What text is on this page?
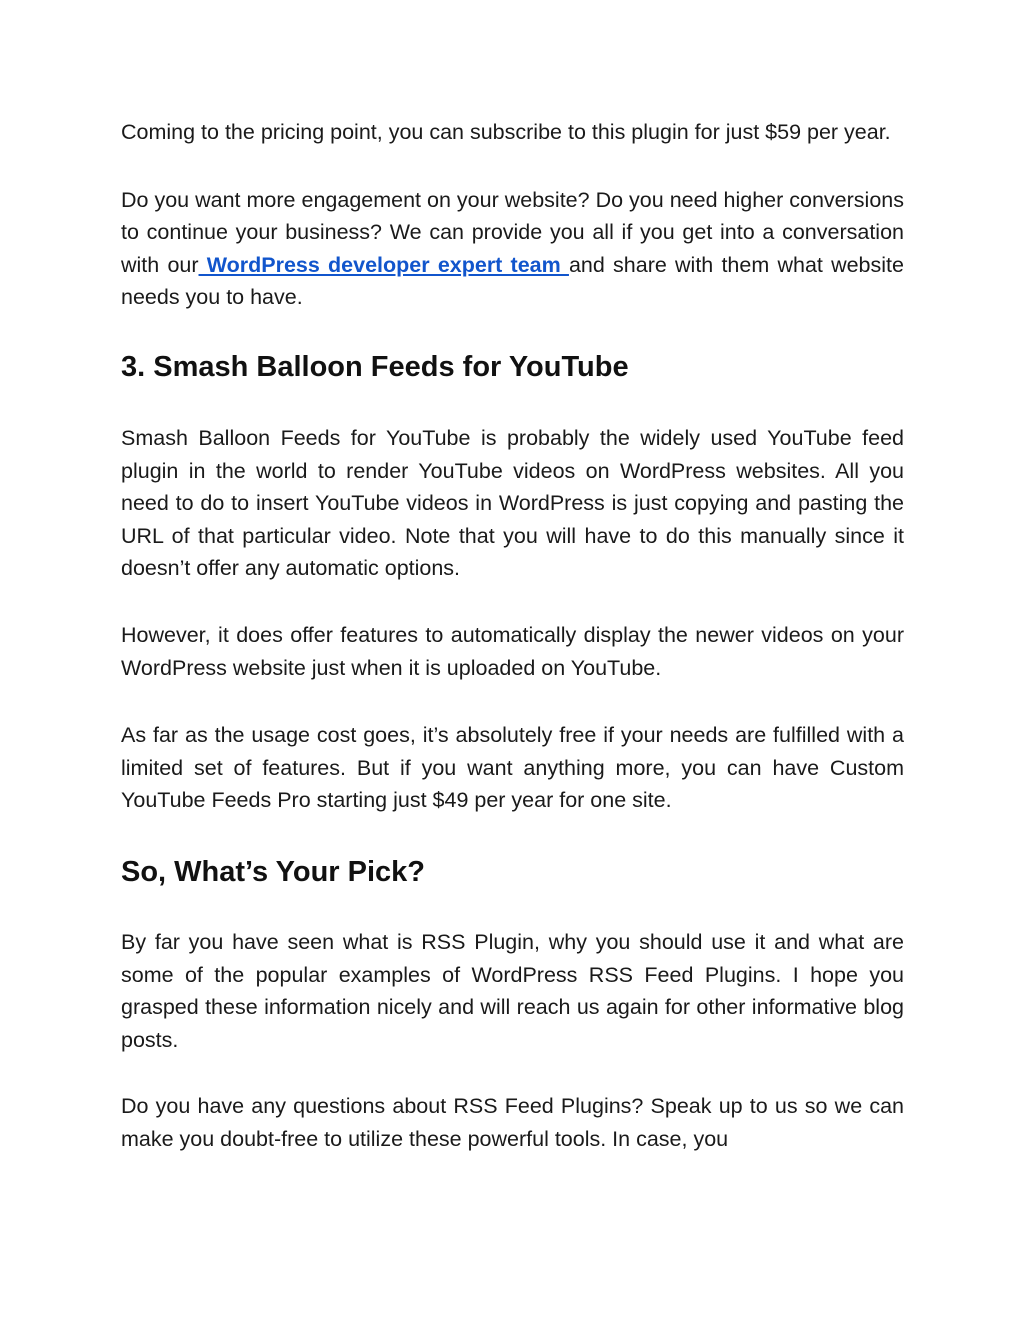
Coming to the pricing point, you can subscribe to this plugin for just $59 per year.

Do you want more engagement on your website? Do you need higher conversions to continue your business? We can provide you all if you get into a conversation with our WordPress developer expert team and share with them what website needs you to have.

3. Smash Balloon Feeds for YouTube

Smash Balloon Feeds for YouTube is probably the widely used YouTube feed plugin in the world to render YouTube videos on WordPress websites. All you need to do to insert YouTube videos in WordPress is just copying and pasting the URL of that particular video. Note that you will have to do this manually since it doesn’t offer any automatic options.

However, it does offer features to automatically display the newer videos on your WordPress website just when it is uploaded on YouTube.

As far as the usage cost goes, it’s absolutely free if your needs are fulfilled with a limited set of features. But if you want anything more, you can have Custom YouTube Feeds Pro starting just $49 per year for one site.

So, What’s Your Pick?

By far you have seen what is RSS Plugin, why you should use it and what are some of the popular examples of WordPress RSS Feed Plugins. I hope you grasped these information nicely and will reach us again for other informative blog posts.

Do you have any questions about RSS Feed Plugins? Speak up to us so we can make you doubt-free to utilize these powerful tools. In case, you
